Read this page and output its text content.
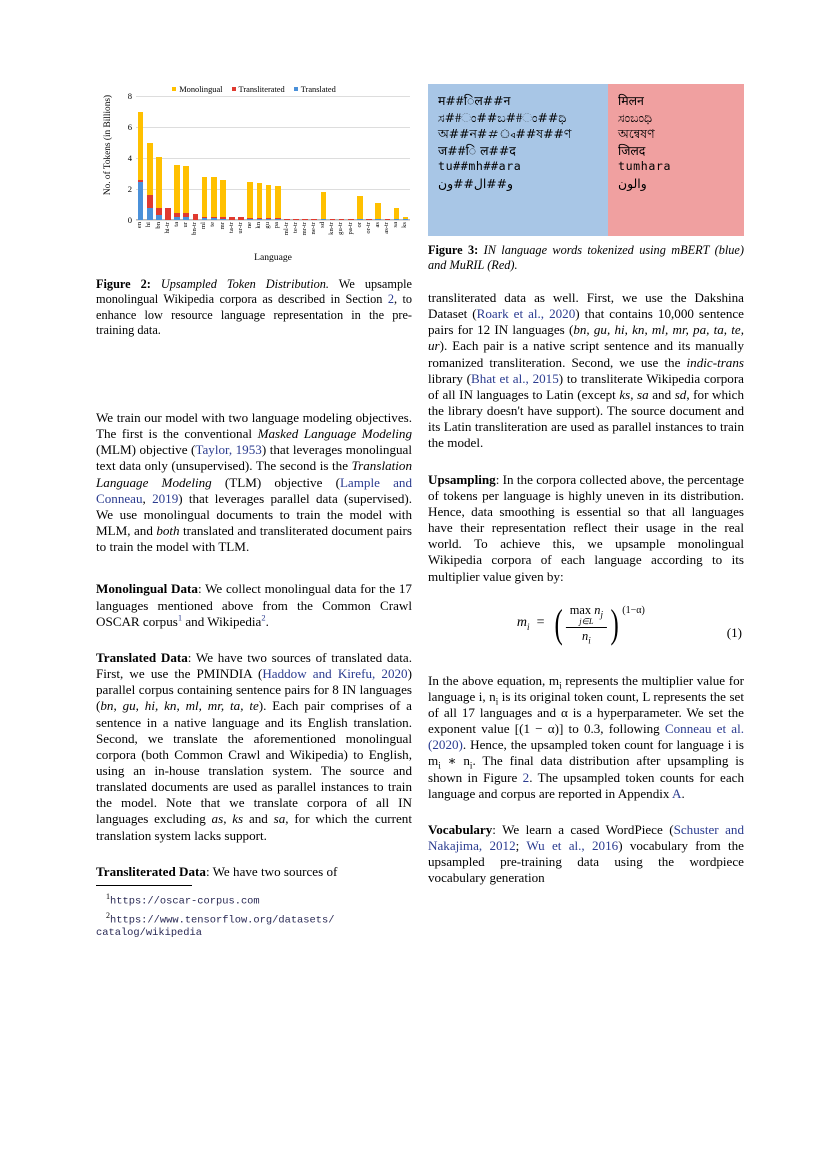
Monolingual Transliterated Translated
No. of Tokens (in Billions)
0
2
4
6
8
en hi bn hi-tr ta ur bn-tr ml te mr ta-tr ur-tr ne kn gu pa ml-tr te-tr mr-tr ne-tr sd kn-tr gu-tr pa-tr or or-tr as as-tr sa ks
Language

Figure 2: Upsampled Token Distribution. We upsample monolingual Wikipedia corpora as described in Section 2, to enhance low resource language representation in the pre-training data.

म##ि‍ल##न
ಸ##ಂ##ಬ##ಂ##ಧಿ
অ##ন##্ব##ষ##ণ
ज##ि‍ ल##द
tu##mh##ara
و##ال##ون
मिलन
ಸಂಬಂಧಿ
অন্বেষণ
जिलद
tumhara
والون

Figure 3: IN language words tokenized using mBERT (blue) and MuRIL (Red).

We train our model with two language modeling objectives. The first is the conventional Masked Language Modeling (MLM) objective (Taylor, 1953) that leverages monolingual text data only (unsupervised). The second is the Translation Language Modeling (TLM) objective (Lample and Conneau, 2019) that leverages parallel data (supervised). We use monolingual documents to train the model with MLM, and both translated and transliterated document pairs to train the model with TLM.

Monolingual Data: We collect monolingual data for the 17 languages mentioned above from the Common Crawl OSCAR corpus$^1$ and Wikipedia$^2$.

Translated Data: We have two sources of translated data. First, we use the PMINDIA (Haddow and Kirefu, 2020) parallel corpus containing sentence pairs for 8 IN languages (bn, gu, hi, kn, ml, mr, ta, te). Each pair comprises of a sentence in a native language and its English translation. Second, we translate the aforementioned monolingual corpora (both Common Crawl and Wikipedia) to English, using an in-house translation system. The source and translated documents are used as parallel instances to train the model. Note that we translate corpora of all IN languages excluding as, ks and sa, for which the current translation system lacks support.

Transliterated Data: We have two sources of

$^1$https://oscar-corpus.com

$^2$https://www.tensorflow.org/datasets/

catalog/wikipedia

transliterated data as well. First, we use the Dakshina Dataset (Roark et al., 2020) that contains 10,000 sentence pairs for 12 IN languages (bn, gu, hi, kn, ml, mr, pa, ta, te, ur). Each pair is a native script sentence and its manually romanized transliteration. Second, we use the indic-trans library (Bhat et al., 2015) to transliterate Wikipedia corpora of all IN languages to Latin (except ks, sa and sd, for which the library doesn't have support). The source document and its Latin transliteration are used as parallel instances to train the model.

Upsampling: In the corpora collected above, the percentage of tokens per language is highly uneven in its distribution. Hence, data smoothing is essential so that all languages have their representation reflect their usage in the real world. To achieve this, we upsample monolingual Wikipedia corpora of each language according to its multiplier value given by:

$m_i$ = ( $\max n_j$
j∈L
$n_i$ ) (1−α)
(1)

In the above equation, $m_i$ represents the multiplier value for language i, $n_i$ is its original token count, L represents the set of all 17 languages and α is a hyperparameter. We set the exponent value [(1 − α)] to 0.3, following Conneau et al. (2020). Hence, the upsampled token count for language i is $m_i$ ∗ $n_i$. The final data distribution after upsampling is shown in Figure 2. The upsampled token counts for each language and corpus are reported in Appendix A.

Vocabulary: We learn a cased WordPiece (Schuster and Nakajima, 2012; Wu et al., 2016) vocabulary from the upsampled pre-training data using the wordpiece vocabulary generation
